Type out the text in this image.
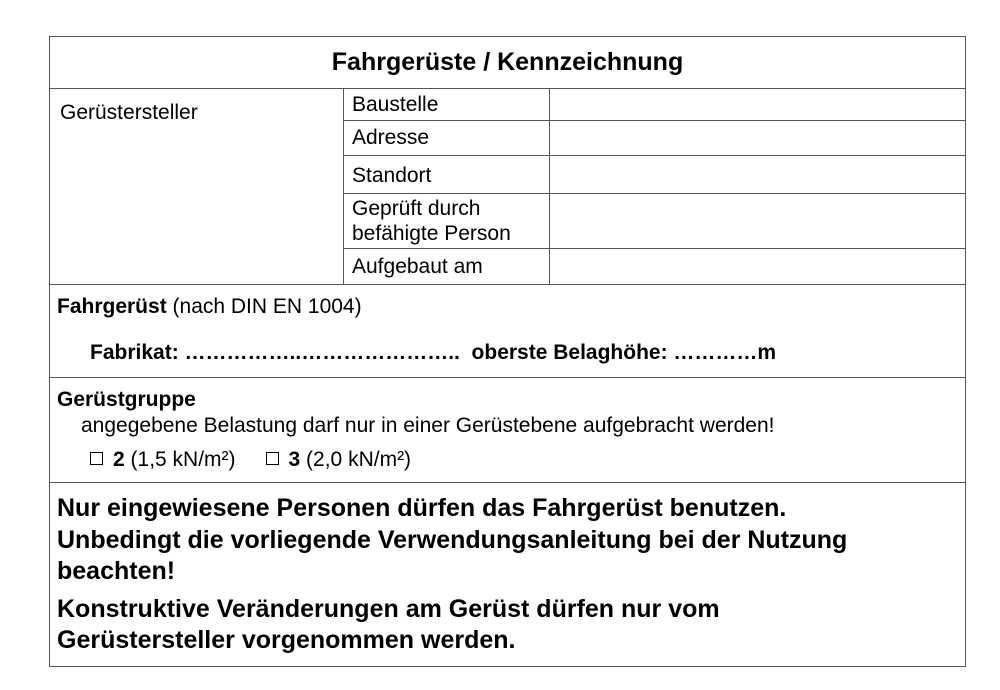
Fahrgerüste / Kennzeichnung
Gerüstersteller	Baustelle
Adresse
Standort
Geprüft durch
befähigte Person
Aufgebaut am
Fahrgerüst (nach DIN EN 1004)
Fabrikat: ……………..…………………..  oberste Belaghöhe: …………m
Gerüstgruppe
angegebene Belastung darf nur in einer Gerüstebene aufgebracht werden!
2 (1,5 kN/m²)	3 (2,0 kN/m²)
Nur eingewiesene Personen dürfen das Fahrgerüst benutzen.
Unbedingt die vorliegende Verwendungsanleitung bei der Nutzung
beachten!
Konstruktive Veränderungen am Gerüst dürfen nur vom
Gerüstersteller vorgenommen werden.
